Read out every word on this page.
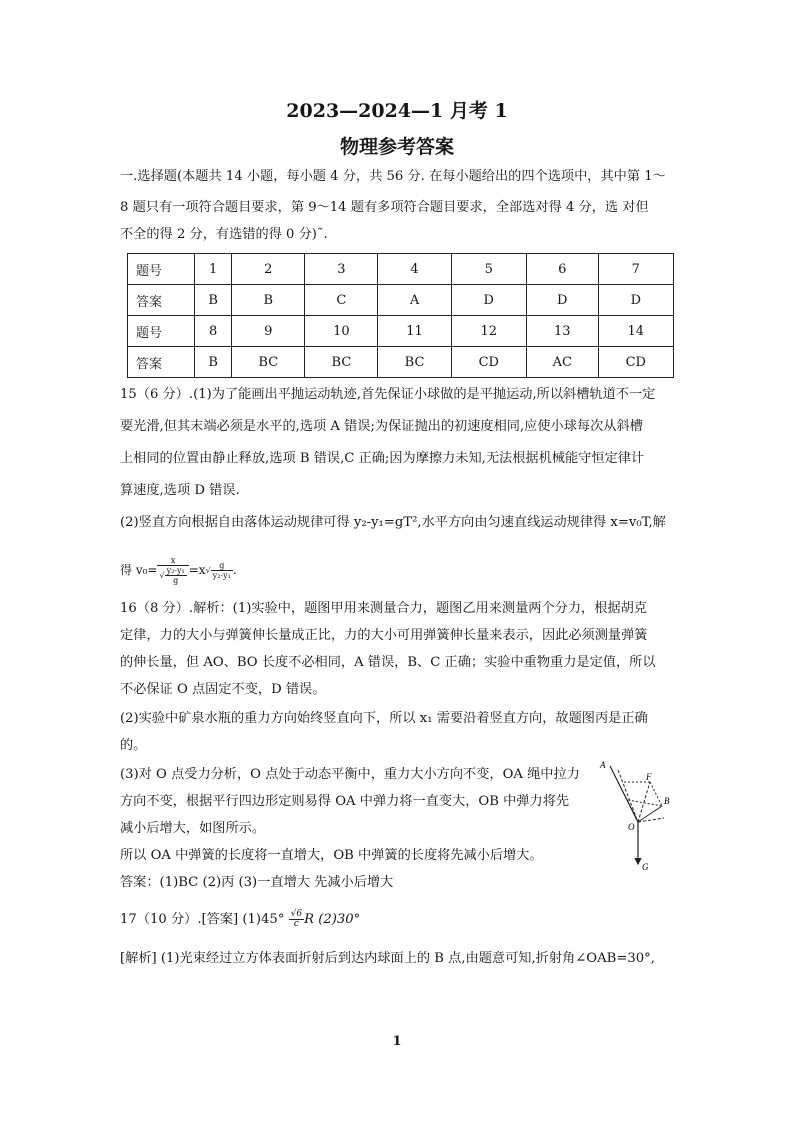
2023—2024—1 月考 1
物理参考答案
一.选择题(本题共 14 小题，每小题 4 分，共 56 分. 在每小题给出的四个选项中，其中第 1～
8 题只有一项符合题目要求，第 9～14 题有多项符合题目要求，全部选对得 4 分，选 对但
不全的得 2 分，有选错的得 0 分)˜.
题号	1	2	3	4	5	6	7
答案	B	B	C	A	D	D	D
题号	8	9	10	11	12	13	14
答案	B	BC	BC	BC	CD	AC	CD
15（6 分）.(1)为了能画出平抛运动轨迹,首先保证小球做的是平抛运动,所以斜槽轨道不一定
要光滑,但其末端必须是水平的,选项 A 错误;为保证抛出的初速度相同,应使小球每次从斜槽
上相同的位置由静止释放,选项 B 错误,C 正确;因为摩擦力未知,无法根据机械能守恒定律计
算速度,选项 D 错误.
(2)竖直方向根据自由落体运动规律可得 y₂-y₁=gT²,水平方向由匀速直线运动规律得 x=v₀T,解
得 $v_0= \frac{x}{√ \frac{\text{y₂-y₁}}{g}} =x√ \frac{g}{\text{y₂-y₁}}$ .
16（8 分）.解析：(1)实验中，题图甲用来测量合力，题图乙用来测量两个分力，根据胡克
定律，力的大小与弹簧伸长量成正比，力的大小可用弹簧伸长量来表示，因此必须测量弹簧
的伸长量，但 AO、BO 长度不必相同，A 错误，B、C 正确；实验中重物重力是定值，所以
不必保证 O 点固定不变，D 错误。
(2)实验中矿泉水瓶的重力方向始终竖直向下，所以 x₁ 需要沿着竖直方向，故题图丙是正确
的。
(3)对 O 点受力分析，O 点处于动态平衡中，重力大小方向不变，OA 绳中拉力
方向不变，根据平行四边形定则易得 OA 中弹力将一直变大，OB 中弹力将先
减小后增大，如图所示。
所以 OA 中弹簧的长度将一直增大，OB 中弹簧的长度将先减小后增大。
答案：(1)BC (2)丙 (3)一直增大 先减小后增大
A
F
B
O
G
17（10 分）.[答案] $(1)45^\circ \frac{√6}{c}$ R (2)30°
[解析] (1)光束经过立方体表面折射后到达内球面上的 B 点,由题意可知,折射角∠OAB=30°,
1
